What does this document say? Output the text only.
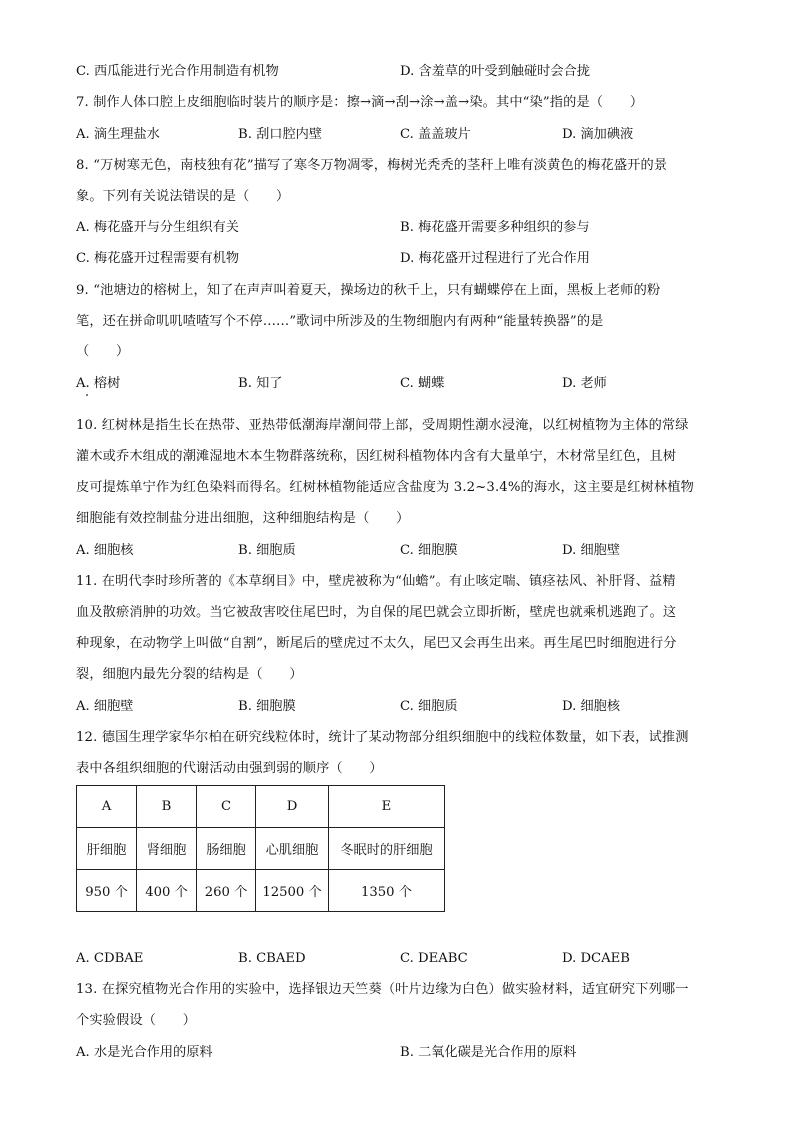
C. 西瓜能进行光合作用制造有机物	D. 含羞草的叶受到触碰时会合拢
7. 制作人体口腔上皮细胞临时装片的顺序是：擦→滴→刮→涂→盖→染。其中“染”指的是（　　）
A. 滴生理盐水	B. 刮口腔内壁	C. 盖盖玻片	D. 滴加碘液
8. “万树寒无色，南枝独有花”描写了寒冬万物凋零，梅树光秃秃的茎秆上唯有淡黄色的梅花盛开的景
象。下列有关说法错误的是（　　）
A. 梅花盛开与分生组织有关	B. 梅花盛开需要多种组织的参与
C. 梅花盛开过程需要有机物	D. 梅花盛开过程进行了光合作用
9. “池塘边的榕树上，知了在声声叫着夏天，操场边的秋千上，只有蝴蝶停在上面，黑板上老师的粉
笔，还在拼命叽叽喳喳写个不停……”歌词中所涉及的生物细胞内有两种“能量转换器”的是
（　　）
A. 榕树	B. 知了	C. 蝴蝶	D. 老师
10. 红树林是指生长在热带、亚热带低潮海岸潮间带上部，受周期性潮水浸淹，以红树植物为主体的常绿
灌木或乔木组成的潮滩湿地木本生物群落统称，因红树科植物体内含有大量单宁，木材常呈红色，且树
皮可提炼单宁作为红色染料而得名。红树林植物能适应含盐度为 3.2~3.4%的海水，这主要是红树林植物
细胞能有效控制盐分进出细胞，这种细胞结构是（　　）
A. 细胞核	B. 细胞质	C. 细胞膜	D. 细胞壁
11. 在明代李时珍所著的《本草纲目》中，壁虎被称为“仙蟾”。有止咳定喘、镇痉祛风、补肝肾、益精
血及散瘀消肿的功效。当它被敌害咬住尾巴时，为自保的尾巴就会立即折断，壁虎也就乘机逃跑了。这
种现象，在动物学上叫做“自割”，断尾后的壁虎过不太久，尾巴又会再生出来。再生尾巴时细胞进行分
裂，细胞内最先分裂的结构是（　　）
A. 细胞壁	B. 细胞膜	C. 细胞质	D. 细胞核
12. 德国生理学家华尔柏在研究线粒体时，统计了某动物部分组织细胞中的线粒体数量，如下表，试推测
表中各组织细胞的代谢活动由强到弱的顺序（　　）
A	B	C	D	E
肝细胞	肾细胞	肠细胞	心肌细胞	冬眠时的肝细胞
950 个	400 个	260 个	12500 个	1350 个
A. CDBAE	B. CBAED	C. DEABC	D. DCAEB
13. 在探究植物光合作用的实验中，选择银边天竺葵（叶片边缘为白色）做实验材料，适宜研究下列哪一
个实验假设（　　）
A. 水是光合作用的原料	B. 二氧化碳是光合作用的原料
